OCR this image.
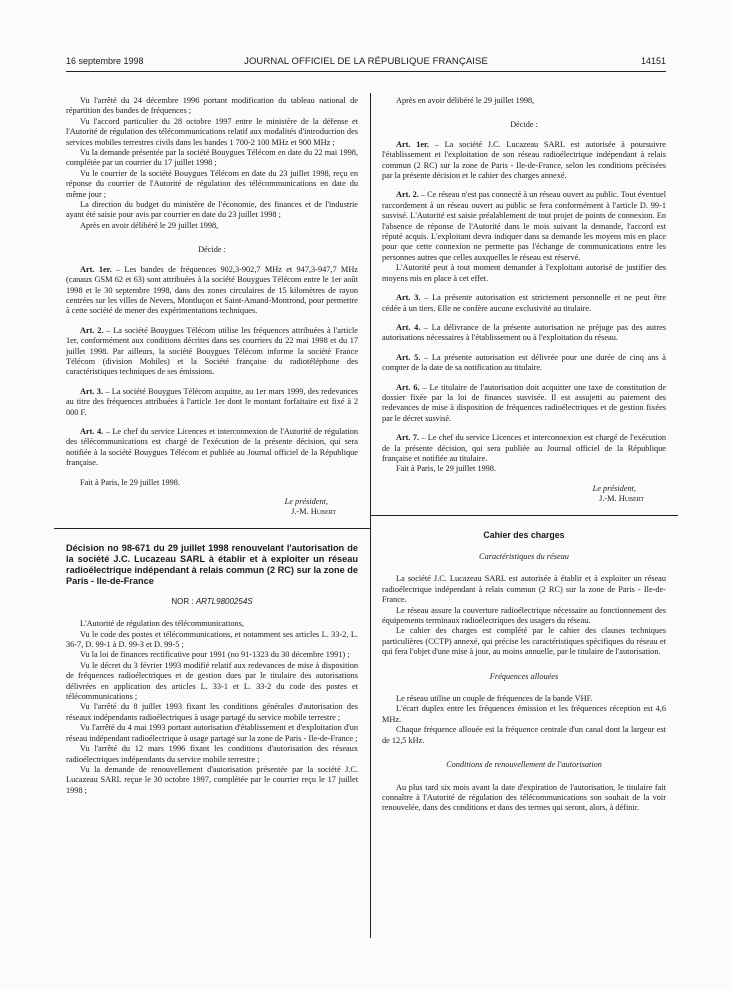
16 septembre 1998	JOURNAL OFFICIEL DE LA RÉPUBLIQUE FRANÇAISE	14151

Vu l'arrêté du 24 décembre 1996 portant modification du tableau national de répartition des bandes de fréquences ;

Vu l'accord particulier du 28 octobre 1997 entre le ministère de la défense et l'Autorité de régulation des télécommunications relatif aux modalités d'introduction des services mobiles terrestres civils dans les bandes 1 700-2 100 MHz et 900 MHz ;

Vu la demande présentée par la société Bouygues Télécom en date du 22 mai 1998, complétée par un courrier du 17 juillet 1998 ;

Vu le courrier de la société Bouygues Télécom en date du 23 juillet 1998, reçu en réponse du courrier de l'Autorité de régulation des télécommunications en date du même jour ;

La direction du budget du ministère de l'économie, des finances et de l'industrie ayant été saisie pour avis par courrier en date du 23 juillet 1998 ;

Après en avoir délibéré le 29 juillet 1998,

Décide :

Art. 1er. – Les bandes de fréquences 902,3-902,7 MHz et 947,3-947,7 MHz (canaux GSM 62 et 63) sont attribuées à la société Bouygues Télécom entre le 1er août 1998 et le 30 septembre 1998, dans des zones circulaires de 15 kilomètres de rayon centrées sur les villes de Nevers, Montluçon et Saint-Amand-Montrond, pour permettre à cette société de mener des expérimentations techniques.

Art. 2. – La société Bouygues Télécom utilise les fréquences attribuées à l'article 1er, conformément aux conditions décrites dans ses courriers du 22 mai 1998 et du 17 juillet 1998. Par ailleurs, la société Bouygues Télécom informe la société France Télécom (division Mobiles) et la Société française du radiotéléphone des caractéristiques techniques de ses émissions.

Art. 3. – La société Bouygues Télécom acquitte, au 1er mars 1999, des redevances au titre des fréquences attribuées à l'article 1er dont le montant forfaitaire est fixé à 2 000 F.

Art. 4. – Le chef du service Licences et interconnexion de l'Autorité de régulation des télécommunications est chargé de l'exécution de la présente décision, qui sera notifiée à la société Bouygues Télécom et publiée au Journal officiel de la République française.

Fait à Paris, le 29 juillet 1998.

Le président,

J.-M. Hubert

Décision no 98-671 du 29 juillet 1998 renouvelant l'autorisation de la société J.C. Lucazeau SARL à établir et à exploiter un réseau radioélectrique indépendant à relais commun (2 RC) sur la zone de Paris - Ile-de-France

NOR : ARTL9800254S

L'Autorité de régulation des télécommunications,

Vu le code des postes et télécommunications, et notamment ses articles L. 33-2, L. 36-7, D. 99-1 à D. 99-3 et D. 99-5 ;

Vu la loi de finances rectificative pour 1991 (no 91-1323 du 30 décembre 1991) ;

Vu le décret du 3 février 1993 modifié relatif aux redevances de mise à disposition de fréquences radioélectriques et de gestion dues par le titulaire des autorisations délivrées en application des articles L. 33-1 et L. 33-2 du code des postes et télécommunications ;

Vu l'arrêté du 8 juillet 1993 fixant les conditions générales d'autorisation des réseaux indépendants radioélectriques à usage partagé du service mobile terrestre ;

Vu l'arrêté du 4 mai 1993 portant autorisation d'établissement et d'exploitation d'un réseau indépendant radioélectrique à usage partagé sur la zone de Paris - Ile-de-France ;

Vu l'arrêté du 12 mars 1996 fixant les conditions d'autorisation des réseaux radioélectriques indépendants du service mobile terrestre ;

Vu la demande de renouvellement d'autorisation présentée par la société J.C. Lucazeau SARL reçue le 30 octobre 1997, complétée par le courrier reçu le 17 juillet 1998 ;

Après en avoir délibéré le 29 juillet 1998,

Décide :

Art. 1er. – La société J.C. Lucazeau SARL est autorisée à poursuivre l'établissement et l'exploitation de son réseau radioélectrique indépendant à relais commun (2 RC) sur la zone de Paris - Ile-de-France, selon les conditions précisées par la présente décision et le cahier des charges annexé.

Art. 2. – Ce réseau n'est pas connecté à un réseau ouvert au public. Tout éventuel raccordement à un réseau ouvert au public se fera conformément à l'article D. 99-1 susvisé. L'Autorité est saisie préalablement de tout projet de points de connexion. En l'absence de réponse de l'Autorité dans le mois suivant la demande, l'accord est réputé acquis. L'exploitant devra indiquer dans sa demande les moyens mis en place pour que cette connexion ne permette pas l'échange de communications entre les personnes autres que celles auxquelles le réseau est réservé.

L'Autorité peut à tout moment demander à l'exploitant autorisé de justifier des moyens mis en place à cet effet.

Art. 3. – La présente autorisation est strictement personnelle et ne peut être cédée à un tiers. Elle ne confère aucune exclusivité au titulaire.

Art. 4. – La délivrance de la présente autorisation ne préjuge pas des autres autorisations nécessaires à l'établissement ou à l'exploitation du réseau.

Art. 5. – La présente autorisation est délivrée pour une durée de cinq ans à compter de la date de sa notification au titulaire.

Art. 6. – Le titulaire de l'autorisation doit acquitter une taxe de constitution de dossier fixée par la loi de finances susvisée. Il est assujetti au paiement des redevances de mise à disposition de fréquences radioélectriques et de gestion fixées par le décret susvisé.

Art. 7. – Le chef du service Licences et interconnexion est chargé de l'exécution de la présente décision, qui sera publiée au Journal officiel de la République française et notifiée au titulaire.

Fait à Paris, le 29 juillet 1998.

Le président,

J.-M. Hubert

Cahier des charges

Caractéristiques du réseau

La société J.C. Lucazeau SARL est autorisée à établir et à exploiter un réseau radioélectrique indépendant à relais commun (2 RC) sur la zone de Paris - Ile-de-France.

Le réseau assure la couverture radioélectrique nécessaire au fonctionnement des équipements terminaux radioélectriques des usagers du réseau.

Le cahier des charges est complété par le cahier des clauses techniques particulières (CCTP) annexé, qui précise les caractéristiques spécifiques du réseau et qui fera l'objet d'une mise à jour, au moins annuelle, par le titulaire de l'autorisation.

Fréquences allouées

Le réseau utilise un couple de fréquences de la bande VHF.

L'écart duplex entre les fréquences émission et les fréquences réception est 4,6 MHz.

Chaque fréquence allouée est la fréquence centrale d'un canal dont la largeur est de 12,5 kHz.

Conditions de renouvellement de l'autorisation

Au plus tard six mois avant la date d'expiration de l'autorisation, le titulaire fait connaître à l'Autorité de régulation des télécommunications son souhait de la voir renouvelée, dans des conditions et dans des termes qui seront, alors, à définir.
